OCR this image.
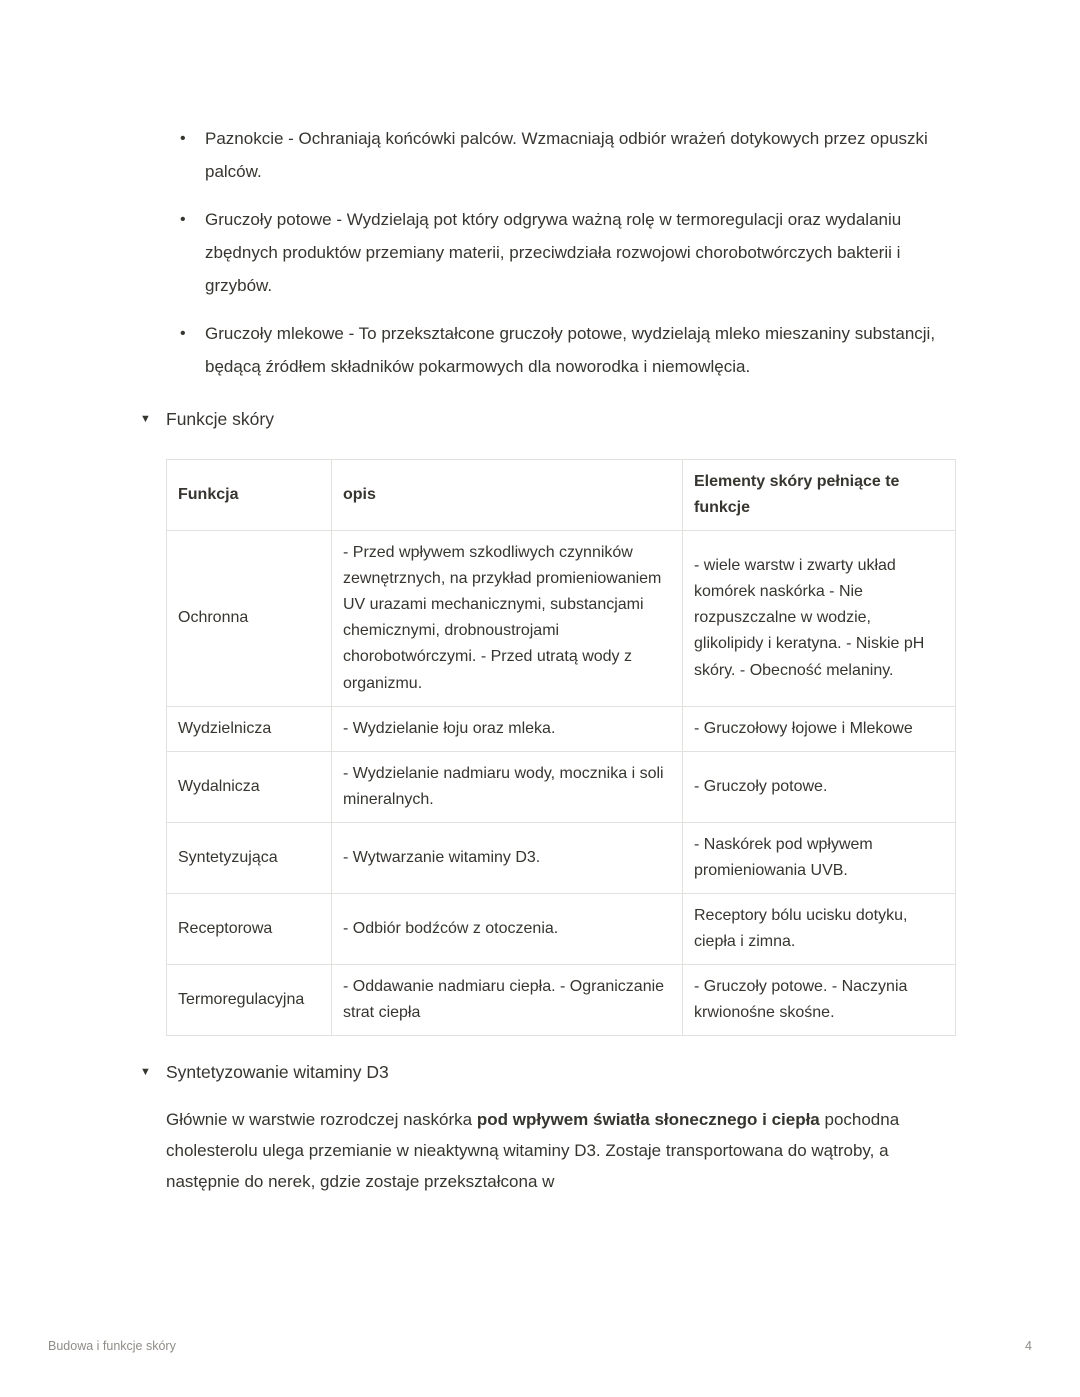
•	Paznokcie - Ochraniają końcówki palców. Wzmacniają odbiór wrażeń dotykowych przez opuszki palców.
•	Gruczoły potowe - Wydzielają pot który odgrywa ważną rolę w termoregulacji oraz wydalaniu zbędnych produktów przemiany materii, przeciwdziała rozwojowi chorobotwórczych bakterii i grzybów.
•	Gruczoły mlekowe - To przekształcone gruczoły potowe, wydzielają mleko mieszaniny substancji, będącą źródłem składników pokarmowych dla noworodka i niemowlęcia.
▼ Funkcje skóry
Funkcja	opis	Elementy skóry pełniące te funkcje
Ochronna	- Przed wpływem szkodliwych czynników zewnętrznych, na przykład promieniowaniem UV urazami mechanicznymi, substancjami chemicznymi, drobnoustrojami chorobotwórczymi. - Przed utratą wody z organizmu.	- wiele warstw i zwarty układ komórek naskórka - Nie rozpuszczalne w wodzie, glikolipidy i keratyna. - Niskie pH skóry. - Obecność melaniny.
Wydzielnicza	- Wydzielanie łoju oraz mleka.	- Gruczołowy łojowe i Mlekowe
Wydalnicza	- Wydzielanie nadmiaru wody, mocznika i soli mineralnych.	- Gruczoły potowe.
Syntetyzująca	- Wytwarzanie witaminy D3.	- Naskórek pod wpływem promieniowania UVB.
Receptorowa	- Odbiór bodźców z otoczenia.	Receptory bólu ucisku dotyku, ciepła i zimna.
Termoregulacyjna	- Oddawanie nadmiaru ciepła. - Ograniczanie strat ciepła	- Gruczoły potowe. - Naczynia krwionośne skośne.
▼ Syntetyzowanie witaminy D3

Głównie w warstwie rozrodczej naskórka pod wpływem światła słonecznego i ciepła pochodna cholesterolu ulega przemianie w nieaktywną witaminy D3. Zostaje transportowana do wątroby, a następnie do nerek, gdzie zostaje przekształcona w

Budowa i funkcje skóry	4
